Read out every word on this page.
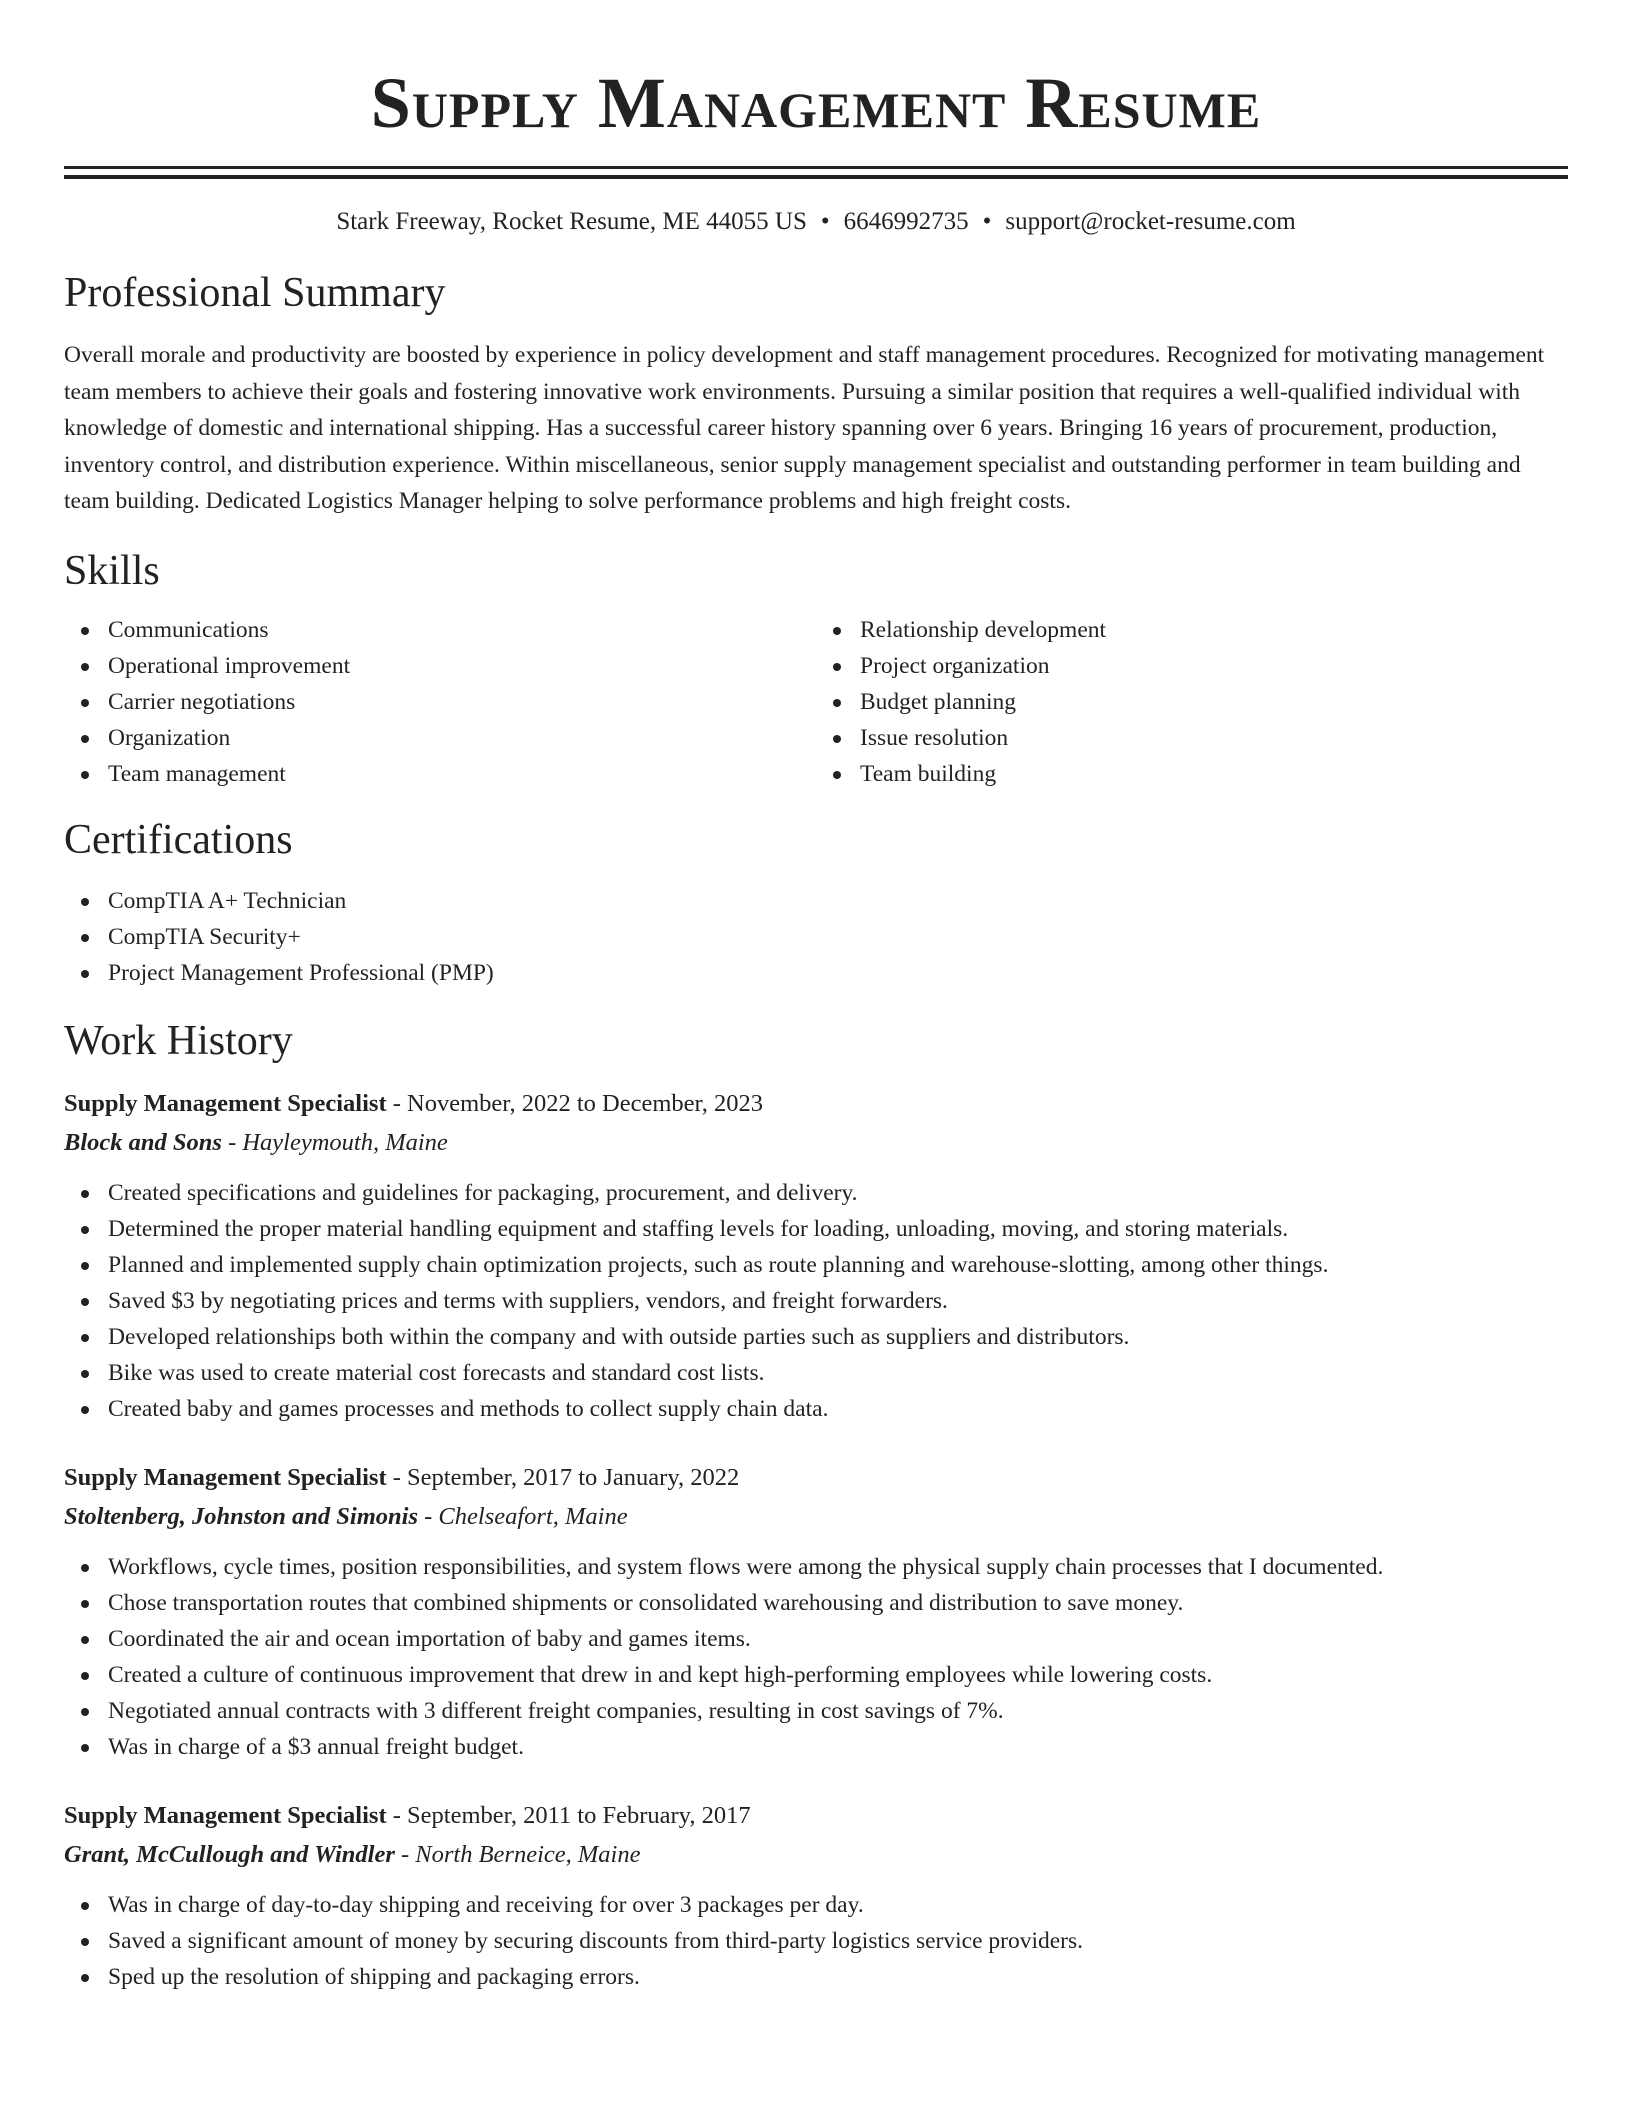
Supply Management Resume
Stark Freeway, Rocket Resume, ME 44055 US • 6646992735 • support@rocket-resume.com
Professional Summary
Overall morale and productivity are boosted by experience in policy development and staff management procedures. Recognized for motivating management team members to achieve their goals and fostering innovative work environments. Pursuing a similar position that requires a well-qualified individual with knowledge of domestic and international shipping. Has a successful career history spanning over 6 years. Bringing 16 years of procurement, production, inventory control, and distribution experience. Within miscellaneous, senior supply management specialist and outstanding performer in team building and team building. Dedicated Logistics Manager helping to solve performance problems and high freight costs.
Skills
Communications
Operational improvement
Carrier negotiations
Organization
Team management
Relationship development
Project organization
Budget planning
Issue resolution
Team building
Certifications
CompTIA A+ Technician
CompTIA Security+
Project Management Professional (PMP)
Work History
Supply Management Specialist - November, 2022 to December, 2023
Block and Sons - Hayleymouth, Maine
Created specifications and guidelines for packaging, procurement, and delivery.
Determined the proper material handling equipment and staffing levels for loading, unloading, moving, and storing materials.
Planned and implemented supply chain optimization projects, such as route planning and warehouse-slotting, among other things.
Saved $3 by negotiating prices and terms with suppliers, vendors, and freight forwarders.
Developed relationships both within the company and with outside parties such as suppliers and distributors.
Bike was used to create material cost forecasts and standard cost lists.
Created baby and games processes and methods to collect supply chain data.
Supply Management Specialist - September, 2017 to January, 2022
Stoltenberg, Johnston and Simonis - Chelseafort, Maine
Workflows, cycle times, position responsibilities, and system flows were among the physical supply chain processes that I documented.
Chose transportation routes that combined shipments or consolidated warehousing and distribution to save money.
Coordinated the air and ocean importation of baby and games items.
Created a culture of continuous improvement that drew in and kept high-performing employees while lowering costs.
Negotiated annual contracts with 3 different freight companies, resulting in cost savings of 7%.
Was in charge of a $3 annual freight budget.
Supply Management Specialist - September, 2011 to February, 2017
Grant, McCullough and Windler - North Berneice, Maine
Was in charge of day-to-day shipping and receiving for over 3 packages per day.
Saved a significant amount of money by securing discounts from third-party logistics service providers.
Sped up the resolution of shipping and packaging errors.
